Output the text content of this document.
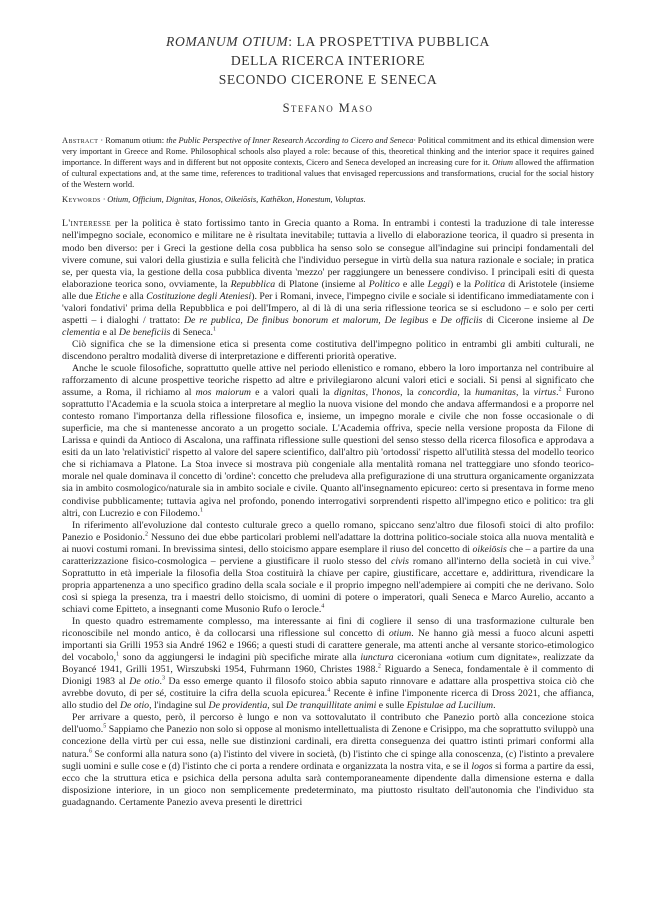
ROMANUM OTIUM: LA PROSPETTIVA PUBBLICA
DELLA RICERCA INTERIORE
SECONDO CICERONE E SENECA
Stefano Maso
Abstract · Romanum otium: the Public Perspective of Inner Research According to Cicero and Seneca· Political commitment and its ethical dimension were very important in Greece and Rome. Philosophical schools also played a role: because of this, theoretical thinking and the interior space it requires gained importance. In different ways and in different but not opposite contexts, Cicero and Seneca developed an increasing cure for it. Otium allowed the affirmation of cultural expectations and, at the same time, references to traditional values that envisaged repercussions and transformations, crucial for the social history of the Western world.
Keywords · Otium, Officium, Dignitas, Honos, Oikeiōsis, Kathēkon, Honestum, Voluptas.

L'interesse per la politica è stato fortissimo tanto in Grecia quanto a Roma. In entrambi i contesti la traduzione di tale interesse nell'impegno sociale, economico e militare ne è risultata inevitabile; tuttavia a livello di elaborazione teorica, il quadro si presenta in modo ben diverso: per i Greci la gestione della cosa pubblica ha senso solo se consegue all'indagine sui principi fondamentali del vivere comune, sui valori della giustizia e sulla felicità che l'individuo persegue in virtù della sua natura razionale e sociale; in pratica se, per questa via, la gestione della cosa pubblica diventa 'mezzo' per raggiungere un benessere condiviso. I principali esiti di questa elaborazione teorica sono, ovviamente, la Repubblica di Platone (insieme al Politico e alle Leggi) e la Politica di Aristotele (insieme alle due Etiche e alla Costituzione degli Ateniesi). Per i Romani, invece, l'impegno civile e sociale si identificano immediatamente con i 'valori fondativi' prima della Repubblica e poi dell'Impero, al di là di una seria riflessione teorica se si escludono – e solo per certi aspetti – i dialoghi / trattato: De re publica, De finibus bonorum et malorum, De legibus e De officiis di Cicerone insieme al De clementia e al De beneficiis di Seneca.$^1$

Ciò significa che se la dimensione etica si presenta come costitutiva dell'impegno politico in entrambi gli ambiti culturali, ne discendono peraltro modalità diverse di interpretazione e differenti priorità operative.

Anche le scuole filosofiche, soprattutto quelle attive nel periodo ellenistico e romano, ebbero la loro importanza nel contribuire al rafforzamento di alcune prospettive teoriche rispetto ad altre e privilegiarono alcuni valori etici e sociali. Si pensi al significato che assume, a Roma, il richiamo al mos maiorum e a valori quali la dignitas, l'honos, la concordia, la humanitas, la virtus.$^2$ Furono soprattutto l'Academia e la scuola stoica a interpretare al meglio la nuova visione del mondo che andava affermandosi e a proporre nel contesto romano l'importanza della riflessione filosofica e, insieme, un impegno morale e civile che non fosse occasionale o di superficie, ma che si mantenesse ancorato a un progetto sociale. L'Academia offriva, specie nella versione proposta da Filone di Larissa e quindi da Antioco di Ascalona, una raffinata riflessione sulle questioni del senso stesso della ricerca filosofica e approdava a esiti da un lato 'relativistici' rispetto al valore del sapere scientifico, dall'altro più 'ortodossi' rispetto all'utilità stessa del modello teorico che si richiamava a Platone. La Stoa invece si mostrava più congeniale alla mentalità romana nel tratteggiare uno sfondo teorico-morale nel quale dominava il concetto di 'ordine': concetto che preludeva alla prefigurazione di una struttura organicamente organizzata sia in ambito cosmologico/naturale sia in ambito sociale e civile. Quanto all'insegnamento epicureo: certo si presentava in forme meno condivise pubblicamente; tuttavia agiva nel profondo, ponendo interrogativi sorprendenti rispetto all'impegno etico e politico: tra gli altri, con Lucrezio e con Filodemo.$^1$

In riferimento all'evoluzione dal contesto culturale greco a quello romano, spiccano senz'altro due filosofi stoici di alto profilo: Panezio e Posidonio.$^2$ Nessuno dei due ebbe particolari problemi nell'adattare la dottrina politico-sociale stoica alla nuova mentalità e ai nuovi costumi romani. In brevissima sintesi, dello stoicismo appare esemplare il riuso del concetto di oikeiōsis che – a partire da una caratterizzazione fisico-cosmologica – perviene a giustificare il ruolo stesso del civis romano all'interno della società in cui vive.$^3$ Soprattutto in età imperiale la filosofia della Stoa costituirà la chiave per capire, giustificare, accettare e, addirittura, rivendicare la propria appartenenza a uno specifico gradino della scala sociale e il proprio impegno nell'adempiere ai compiti che ne derivano. Solo così si spiega la presenza, tra i maestri dello stoicismo, di uomini di potere o imperatori, quali Seneca e Marco Aurelio, accanto a schiavi come Epitteto, a insegnanti come Musonio Rufo o Ierocle.$^4$

In questo quadro estremamente complesso, ma interessante ai fini di cogliere il senso di una trasformazione culturale ben riconoscibile nel mondo antico, è da collocarsi una riflessione sul concetto di otium. Ne hanno già messi a fuoco alcuni aspetti importanti sia Grilli 1953 sia André 1962 e 1966; a questi studi di carattere generale, ma attenti anche al versante storico-etimologico del vocabolo,$^1$ sono da aggiungersi le indagini più specifiche mirate alla iunctura ciceroniana «otium cum dignitate», realizzate da Boyancé 1941, Grilli 1951, Wirszubski 1954, Fuhrmann 1960, Christes 1988.$^2$ Riguardo a Seneca, fondamentale è il commento di Dionigi 1983 al De otio.$^3$ Da esso emerge quanto il filosofo stoico abbia saputo rinnovare e adattare alla prospettiva stoica ciò che avrebbe dovuto, di per sé, costituire la cifra della scuola epicurea.$^4$ Recente è infine l'imponente ricerca di Dross 2021, che affianca, allo studio del De otio, l'indagine sul De providentia, sul De tranquillitate animi e sulle Epistulae ad Lucilium.

Per arrivare a questo, però, il percorso è lungo e non va sottovalutato il contributo che Panezio portò alla concezione stoica dell'uomo.$^5$ Sappiamo che Panezio non solo si oppose al monismo intellettualista di Zenone e Crisippo, ma che soprattutto sviluppò una concezione della virtù per cui essa, nelle sue distinzioni cardinali, era diretta conseguenza dei quattro istinti primari conformi alla natura.$^6$ Se conformi alla natura sono (a) l'istinto del vivere in società, (b) l'istinto che ci spinge alla conoscenza, (c) l'istinto a prevalere sugli uomini e sulle cose e (d) l'istinto che ci porta a rendere ordinata e organizzata la nostra vita, e se il logos si forma a partire da essi, ecco che la struttura etica e psichica della persona adulta sarà contemporaneamente dipendente dalla dimensione esterna e dalla disposizione interiore, in un gioco non semplicemente predeterminato, ma piuttosto risultato dell'autonomia che l'individuo sta guadagnando. Certamente Panezio aveva presenti le direttrici
